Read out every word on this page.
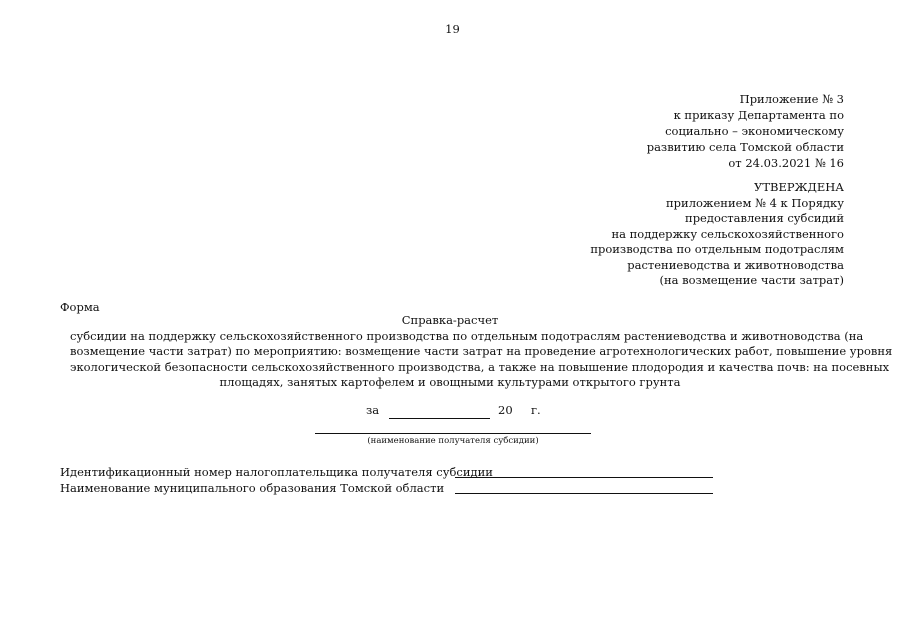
19
Приложение № 3
к приказу Департамента по
социально – экономическому
развитию села Томской области
от 24.03.2021 № 16
УТВЕРЖДЕНА
приложением № 4 к Порядку
предоставления субсидий
на поддержку сельскохозяйственного
производства по отдельным подотраслям
растениеводства и животноводства
(на возмещение части затрат)
Форма
Справка-расчет
субсидии на поддержку сельскохозяйственного производства по отдельным подотраслям растениеводства и животноводства (на
возмещение части затрат) по мероприятию: возмещение части затрат на проведение агротехнологических работ, повышение уровня
экологической безопасности сельскохозяйственного производства, а также на повышение плодородия и качества почв: на посевных
площадях, занятых картофелем и овощными культурами открытого грунта
за	20 г.
(наименование получателя субсидии)
Идентификационный номер налогоплательщика получателя субсидии
Наименование муниципального образования Томской области
